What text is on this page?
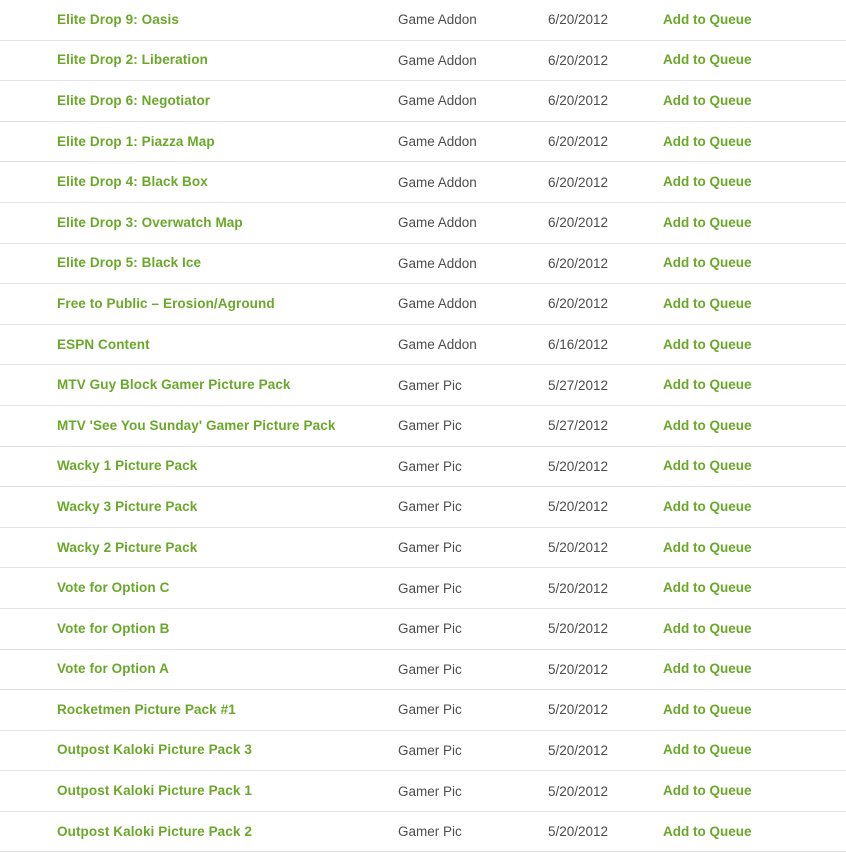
Elite Drop 9: Oasis	Game Addon	6/20/2012	Add to Queue
Elite Drop 2: Liberation	Game Addon	6/20/2012	Add to Queue
Elite Drop 6: Negotiator	Game Addon	6/20/2012	Add to Queue
Elite Drop 1: Piazza Map	Game Addon	6/20/2012	Add to Queue
Elite Drop 4: Black Box	Game Addon	6/20/2012	Add to Queue
Elite Drop 3: Overwatch Map	Game Addon	6/20/2012	Add to Queue
Elite Drop 5: Black Ice	Game Addon	6/20/2012	Add to Queue
Free to Public – Erosion/Aground	Game Addon	6/20/2012	Add to Queue
ESPN Content	Game Addon	6/16/2012	Add to Queue
MTV Guy Block Gamer Picture Pack	Gamer Pic	5/27/2012	Add to Queue
MTV 'See You Sunday' Gamer Picture Pack	Gamer Pic	5/27/2012	Add to Queue
Wacky 1 Picture Pack	Gamer Pic	5/20/2012	Add to Queue
Wacky 3 Picture Pack	Gamer Pic	5/20/2012	Add to Queue
Wacky 2 Picture Pack	Gamer Pic	5/20/2012	Add to Queue
Vote for Option C	Gamer Pic	5/20/2012	Add to Queue
Vote for Option B	Gamer Pic	5/20/2012	Add to Queue
Vote for Option A	Gamer Pic	5/20/2012	Add to Queue
Rocketmen Picture Pack #1	Gamer Pic	5/20/2012	Add to Queue
Outpost Kaloki Picture Pack 3	Gamer Pic	5/20/2012	Add to Queue
Outpost Kaloki Picture Pack 1	Gamer Pic	5/20/2012	Add to Queue
Outpost Kaloki Picture Pack 2	Gamer Pic	5/20/2012	Add to Queue
